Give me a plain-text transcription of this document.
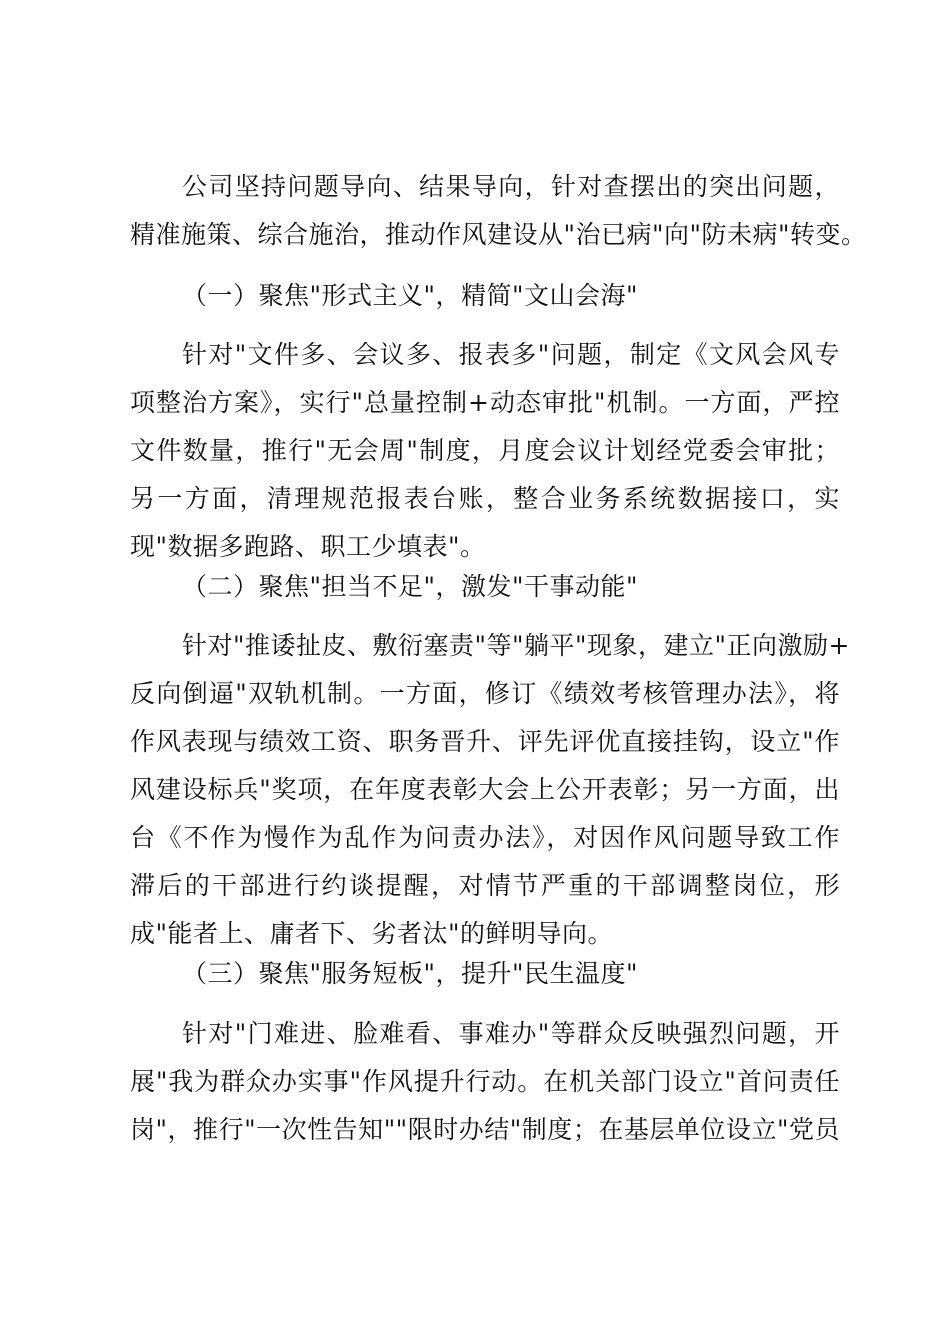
公司坚持问题导向、结果导向，针对查摆出的突出问题，
精准施策、综合施治，推动作风建设从"治已病"向"防未病"转变。

（一）聚焦"形式主义"，精简"文山会海"

针对"文件多、会议多、报表多"问题，制定《文风会风专
项整治方案》，实行"总量控制+动态审批"机制。一方面，严控
文件数量，推行"无会周"制度，月度会议计划经党委会审批；
另一方面，清理规范报表台账，整合业务系统数据接口，实
现"数据多跑路、职工少填表"。

（二）聚焦"担当不足"，激发"干事动能"

针对"推诿扯皮、敷衍塞责"等"躺平"现象，建立"正向激励+
反向倒逼"双轨机制。一方面，修订《绩效考核管理办法》，将
作风表现与绩效工资、职务晋升、评先评优直接挂钩，设立"作
风建设标兵"奖项，在年度表彰大会上公开表彰；另一方面，出
台《不作为慢作为乱作为问责办法》，对因作风问题导致工作
滞后的干部进行约谈提醒，对情节严重的干部调整岗位，形
成"能者上、庸者下、劣者汰"的鲜明导向。

（三）聚焦"服务短板"，提升"民生温度"

针对"门难进、脸难看、事难办"等群众反映强烈问题，开
展"我为群众办实事"作风提升行动。在机关部门设立"首问责任
岗"，推行"一次性告知""限时办结"制度；在基层单位设立"党员
